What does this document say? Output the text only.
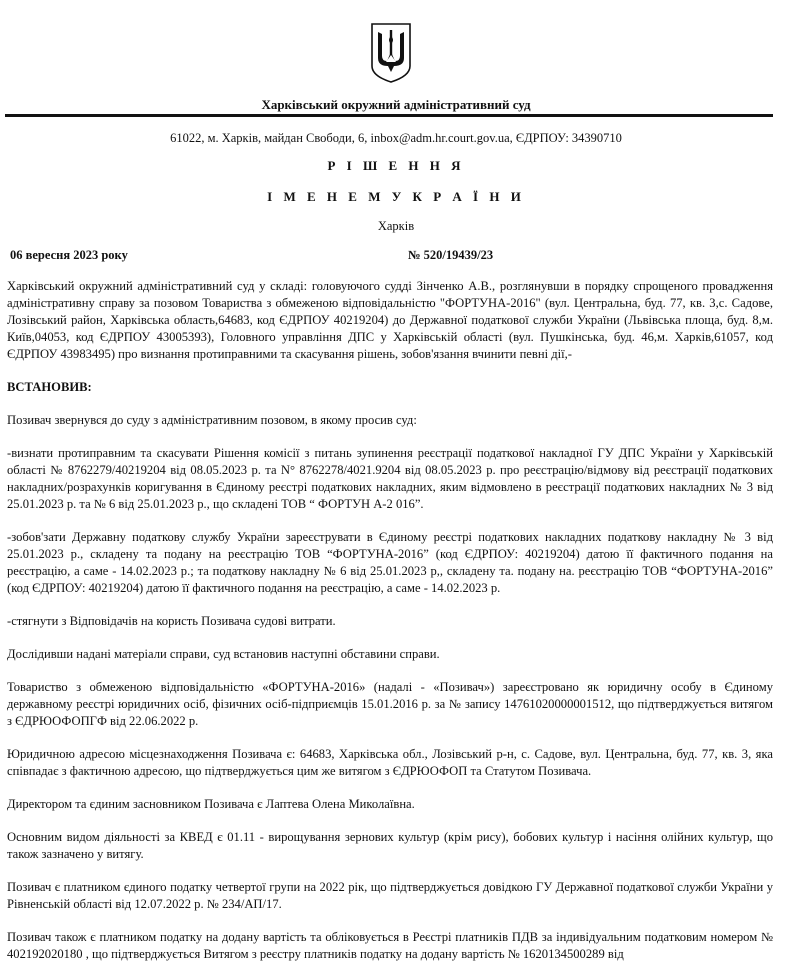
Харківський окружний адміністративний суд
61022, м. Харків, майдан Свободи, 6, inbox@adm.hr.court.gov.ua, ЄДРПОУ: 34390710
Р І Ш Е Н Н Я
І М Е Н Е М У К Р А Ї Н И
Харків
06 вересня 2023 року	№ 520/19439/23

Харківський окружний адміністративний суд у складі: головуючого судді Зінченко А.В., розглянувши в порядку спрощеного провадження адміністративну справу за позовом Товариства з обмеженою відповідальністю "ФОРТУНА-2016" (вул. Центральна, буд. 77, кв. 3,с. Садове, Лозівський район, Харківська область,64683, код ЄДРПОУ 40219204) до Державної податкової служби України (Львівська площа, буд. 8,м. Київ,04053, код ЄДРПОУ 43005393), Головного управління ДПС у Харківській області (вул. Пушкінська, буд. 46,м. Харків,61057, код ЄДРПОУ 43983495) про визнання протиправними та скасування рішень, зобов'язання вчинити певні дії,-

ВСТАНОВИВ:

Позивач звернувся до суду з адміністративним позовом, в якому просив суд:

-визнати протиправним та скасувати Рішення комісії з питань зупинення реєстрації податкової накладної ГУ ДПС України у Харківській області № 8762279/40219204 від 08.05.2023 р. та N° 8762278/4021.9204 від 08.05.2023 р. про реєстрацію/відмову від реєстрації податкових накладних/розрахунків коригування в Єдиному реєстрі податкових накладних, яким відмовлено в реєстрації податкових накладних № 3 від 25.01.2023 р. та № 6 від 25.01.2023 р., що складені ТОВ “ ФОРТУН А-2 016”.

-зобов'зати Державну податкову службу України зареєструвати в Єдиному реєстрі податкових накладних податкову накладну № 3 від 25.01.2023 р., складену та подану на реєстрацію ТОВ “ФОРТУНА-2016” (код ЄДРПОУ: 40219204) датою її фактичного подання на реєстрацію, а саме - 14.02.2023 р.; та податкову накладну № 6 від 25.01.2023 р,, складену та. подану на. реєстрацію ТОВ “ФОРТУНА-2016” (код ЄДРПОУ: 40219204) датою її фактичного подання на реєстрацію, а саме - 14.02.2023 р.

-стягнути з Відповідачів на користь Позивача судові витрати.

Дослідивши надані матеріали справи, суд встановив наступні обставини справи.

Товариство з обмеженою відповідальністю «ФОРТУНА-2016» (надалі - «Позивач») зареєстровано як юридичну особу в Єдиному державному реєстрі юридичних осіб, фізичних осіб-підприємців 15.01.2016 р. за № запису 14761020000001512, що підтверджується витягом з ЄДРЮОФОПГФ від 22.06.2022 р.

Юридичною адресою місцезнаходження Позивача є: 64683, Харківська обл., Лозівський р-н, с. Садове, вул. Центральна, буд. 77, кв. 3, яка співпадає з фактичною адресою, що підтверджується цим же витягом з ЄДРЮОФОП та Статутом Позивача.

Директором та єдиним засновником Позивача є Лаптева Олена Миколаївна.

Основним видом діяльності за КВЕД є 01.11 - вирощування зернових культур (крім рису), бобових культур і насіння олійних культур, що також зазначено у витягу.

Позивач є платником єдиного податку четвертої групи на 2022 рік, що підтверджується довідкою ГУ Державної податкової служби України у Рівненській області від 12.07.2022 р. № 234/АП/17.

Позивач також є платником податку на додану вартість та обліковується в Реєстрі платників ПДВ за індивідуальним податковим номером № 402192020180 , що підтверджується Витягом з реєстру платників податку на додану вартість № 1620134500289 від
